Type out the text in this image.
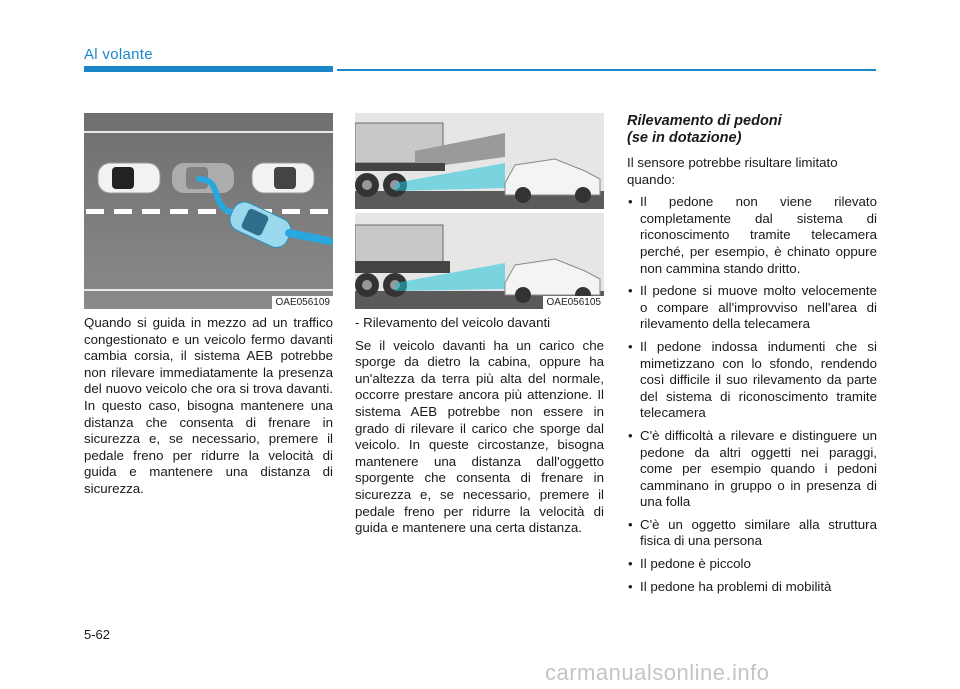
Al volante
OAE056109	OAE056105

Quando si guida in mezzo ad un traffico congestionato e un veicolo fermo davanti cambia corsia, il sistema AEB potrebbe non rilevare immediatamente la presenza del nuovo veicolo che ora si trova davanti. In questo caso, bisogna mantenere una distanza che consenta di frenare in sicurezza e, se necessario, premere il pedale freno per ridurre la velocità di guida e mantenere una distanza di sicurezza.

- Rilevamento del veicolo davanti

Se il veicolo davanti ha un carico che sporge da dietro la cabina, oppure ha un'altezza da terra più alta del normale, occorre prestare ancora più attenzione. Il sistema AEB potrebbe non essere in grado di rilevare il carico che sporge dal veicolo. In queste circostanze, bisogna mantenere una distanza dall'oggetto sporgente che consenta di frenare in sicurezza e, se necessario, premere il pedale freno per ridurre la velocità di guida e mantenere una certa distanza.

Rilevamento di pedoni
(se in dotazione)

Il sensore potrebbe risultare limitato quando:

• Il pedone non viene rilevato completamente dal sistema di riconoscimento tramite telecamera perché, per esempio, è chinato oppure non cammina stando dritto.
• Il pedone si muove molto velocemente o compare all'improvviso nell'area di rilevamento della telecamera
• Il pedone indossa indumenti che si mimetizzano con lo sfondo, rendendo così difficile il suo rilevamento da parte del sistema di riconoscimento tramite telecamera
• C'è difficoltà a rilevare e distinguere un pedone da altri oggetti nei paraggi, come per esempio quando i pedoni camminano in gruppo o in presenza di una folla
• C'è un oggetto similare alla struttura fisica di una persona
• Il pedone è piccolo
• Il pedone ha problemi di mobilità
5-62
carmanualsonline.info
